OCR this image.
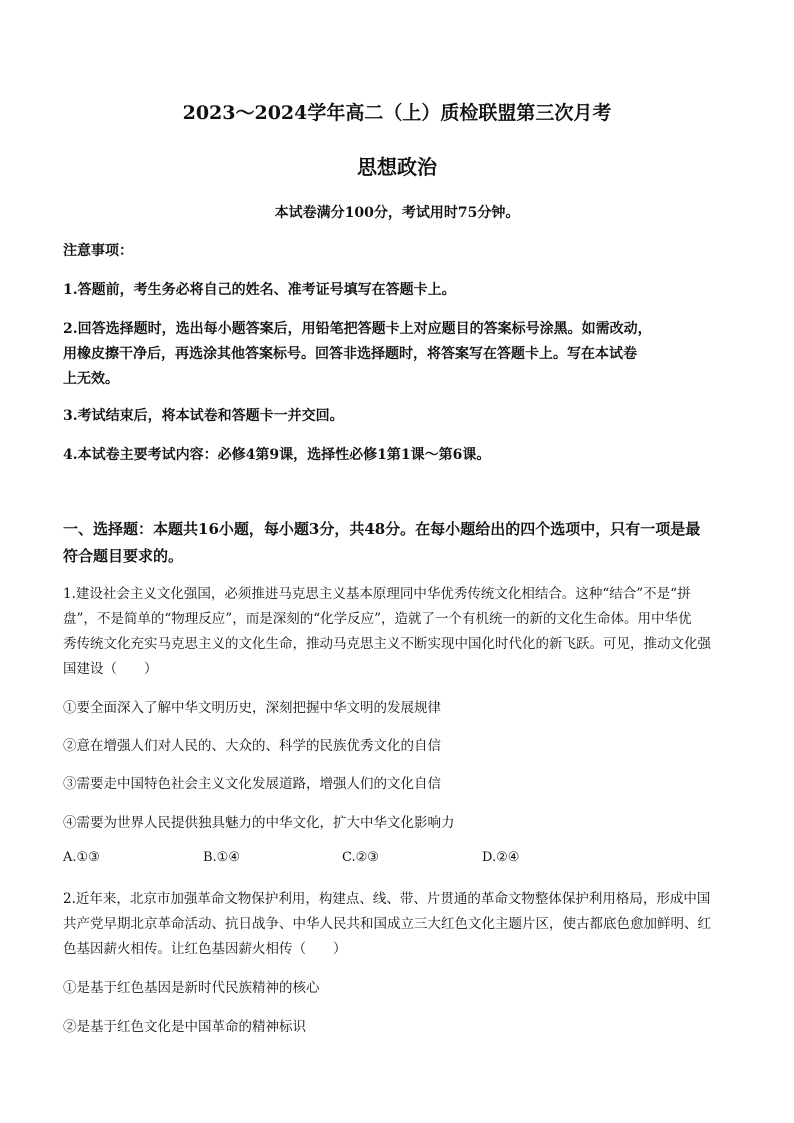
2023～2024学年高二（上）质检联盟第三次月考
思想政治
本试卷满分100分，考试用时75分钟。
注意事项：
1.答题前，考生务必将自己的姓名、准考证号填写在答题卡上。
2.回答选择题时，选出每小题答案后，用铅笔把答题卡上对应题目的答案标号涂黑。如需改动，
用橡皮擦干净后，再选涂其他答案标号。回答非选择题时，将答案写在答题卡上。写在本试卷
上无效。
3.考试结束后，将本试卷和答题卡一并交回。
4.本试卷主要考试内容：必修4第9课，选择性必修1第1课～第6课。
一、选择题：本题共16小题，每小题3分，共48分。在每小题给出的四个选项中，只有一项是最
符合题目要求的。
1.建设社会主义文化强国，必须推进马克思主义基本原理同中华优秀传统文化相结合。这种“结合”不是“拼
盘”，不是简单的“物理反应”，而是深刻的“化学反应”，造就了一个有机统一的新的文化生命体。用中华优
秀传统文化充实马克思主义的文化生命，推动马克思主义不断实现中国化时代化的新飞跃。可见，推动文化强
国建设（　　）
①要全面深入了解中华文明历史，深刻把握中华文明的发展规律
②意在增强人们对人民的、大众的、科学的民族优秀文化的自信
③需要走中国特色社会主义文化发展道路，增强人们的文化自信
④需要为世界人民提供独具魅力的中华文化，扩大中华文化影响力
A.①③	B.①④	C.②③	D.②④
2.近年来，北京市加强革命文物保护利用，构建点、线、带、片贯通的革命文物整体保护利用格局，形成中国
共产党早期北京革命活动、抗日战争、中华人民共和国成立三大红色文化主题片区，使古都底色愈加鲜明、红
色基因薪火相传。让红色基因薪火相传（　　）
①是基于红色基因是新时代民族精神的核心
②是基于红色文化是中国革命的精神标识
